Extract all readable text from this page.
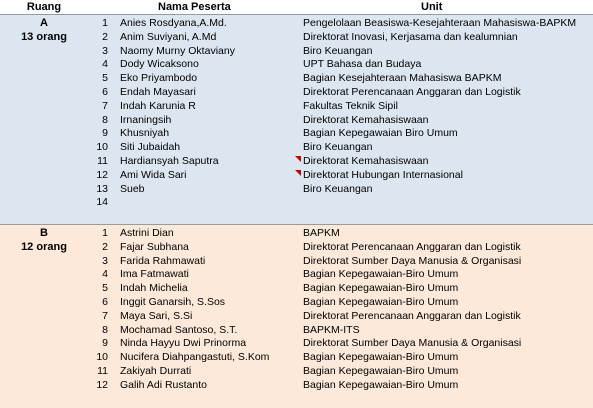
Ruang	Nama Peserta	Unit
A
13 orang
1 Anies Rosdyana,A.Md.	Pengelolaan Beasiswa-Kesejahteraan Mahasiswa-BAPKM
2 Anim Suviyani, A.Md	Direktorat Inovasi, Kerjasama dan kealumnian
3 Naomy Murny Oktaviany	Biro Keuangan
4 Dody Wicaksono	UPT Bahasa dan Budaya
5 Eko Priyambodo	Bagian Kesejahteraan Mahasiswa BAPKM
6 Endah Mayasari	Direktorat Perencanaan Anggaran dan Logistik
7 Indah Karunia R	Fakultas Teknik Sipil
8 Irnaningsih	Direktorat Kemahasiswaan
9 Khusniyah	Bagian Kepegawaian Biro Umum
10 Siti Jubaidah	Biro Keuangan
11 Hardiansyah Saputra	Direktorat Kemahasiswaan
12 Ami Wida Sari	Direktorat Hubungan Internasional
13 Sueb	Biro Keuangan
14
B
12 orang
1 Astrini Dian	BAPKM
2 Fajar Subhana	Direktorat Perencanaan Anggaran dan Logistik
3 Farida Rahmawati	Direktorat Sumber Daya Manusia & Organisasi
4 Ima Fatmawati	Bagian Kepegawaian-Biro Umum
5 Indah Michelia	Bagian Kepegawaian-Biro Umum
6 Inggit Ganarsih, S.Sos	Bagian Kepegawaian-Biro Umum
7 Maya Sari, S.Si	Direktorat Perencanaan Anggaran dan Logistik
8 Mochamad Santoso, S.T.	BAPKM-ITS
9 Ninda Hayyu Dwi Prinorma	Direktorat Sumber Daya Manusia & Organisasi
10 Nucifera Diahpangastuti, S.Kom	Bagian Kepegawaian-Biro Umum
11 Zakiyah Durrati	Bagian Kepegawaian-Biro Umum
12 Galih Adi Rustanto	Bagian Kepegawaian-Biro Umum
